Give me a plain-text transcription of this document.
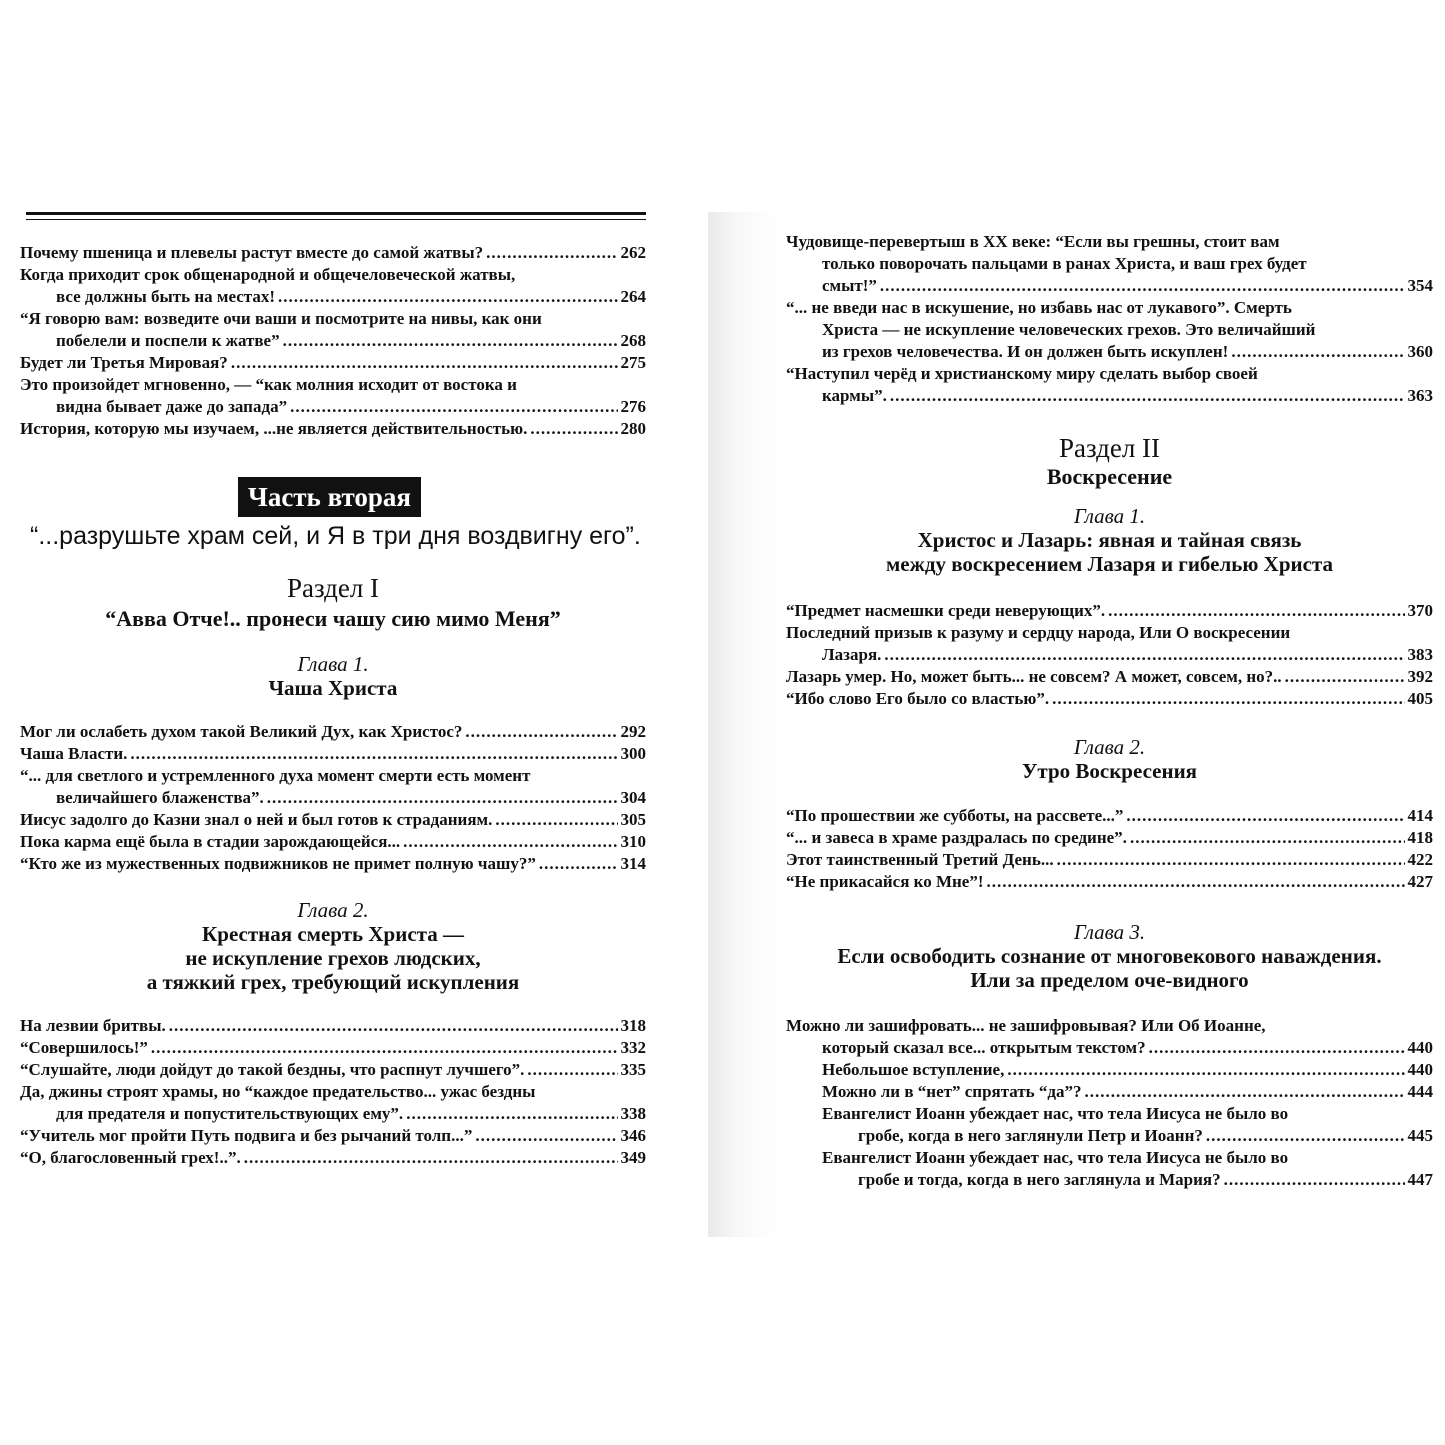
Почему пшеница и плевелы растут вместе до самой жатвы? .....	262
Когда приходит срок общенародной и общечеловеческой жатвы,
все должны быть на местах! .....	264
“Я говорю вам: возведите очи ваши и посмотрите на нивы, как они
побелели и поспели к жатве” .....	268
Будет ли Третья Мировая? .....	275
Это произойдет мгновенно, — “как молния исходит от востока и
видна бывает даже до запада” .....	276
История, которую мы изучаем, ...не является действительностью. .....	280
Часть вторая
“...разрушьте храм сей, и Я в три дня воздвигну его”.
Раздел I
“Авва Отче!.. пронеси чашу сию мимо Меня”
Глава 1.
Чаша Христа
Мог ли ослабеть духом такой Великий Дух, как Христос? .....	292
Чаша Власти. .....	300
“... для светлого и устремленного духа момент смерти есть момент
величайшего блаженства”. .....	304
Иисус задолго до Казни знал о ней и был готов к страданиям. .....	305
Пока карма ещё была в стадии зарождающейся... .....	310
“Кто же из мужественных подвижников не примет полную чашу?” .....	314
Глава 2.
Крестная смерть Христа —
не искупление грехов людских,
а тяжкий грех, требующий искупления
На лезвии бритвы. .....	318
“Совершилось!” .....	332
“Слушайте, люди дойдут до такой бездны, что распнут лучшего”. .....	335
Да, джины строят храмы, но “каждое предательство... ужас бездны
для предателя и попустительствующих ему”. .....	338
“Учитель мог пройти Путь подвига и без рычаний толп...” .....	346
“О, благословенный грех!..”. .....	349
Чудовище-перевертыш в XX веке: “Если вы грешны, стоит вам
только поворочать пальцами в ранах Христа, и ваш грех будет
смыт!” .....	354
“... не введи нас в искушение, но избавь нас от лукавого”. Смерть
Христа — не искупление человеческих грехов. Это величайший
из грехов человечества. И он должен быть искуплен! .....	360
“Наступил черёд и христианскому миру сделать выбор своей
кармы”. .....	363
Раздел II
Воскресение
Глава 1.
Христос и Лазарь: явная и тайная связь
между воскресением Лазаря и гибелью Христа
“Предмет насмешки среди неверующих”. .....	370
Последний призыв к разуму и сердцу народа, Или О воскресении
Лазаря. .....	383
Лазарь умер. Но, может быть... не совсем? А может, совсем, но?.. .....	392
“Ибо слово Его было со властью”. .....	405
Глава 2.
Утро Воскресения
“По прошествии же субботы, на рассвете...” .....	414
“... и завеса в храме раздралась по средине”. .....	418
Этот таинственный Третий День... .....	422
“Не прикасайся ко Мне”! .....	427
Глава 3.
Если освободить сознание от многовекового наваждения.
Или за пределом оче-видного
Можно ли зашифровать... не зашифровывая? Или Об Иоанне,
который сказал все... открытым текстом? .....	440
Небольшое вступление, .....	440
Можно ли в “нет” спрятать “да”? .....	444
Евангелист Иоанн убеждает нас, что тела Иисуса не было во
гробе, когда в него заглянули Петр и Иоанн? .....	445
Евангелист Иоанн убеждает нас, что тела Иисуса не было во
гробе и тогда, когда в него заглянула и Мария? .....	447
